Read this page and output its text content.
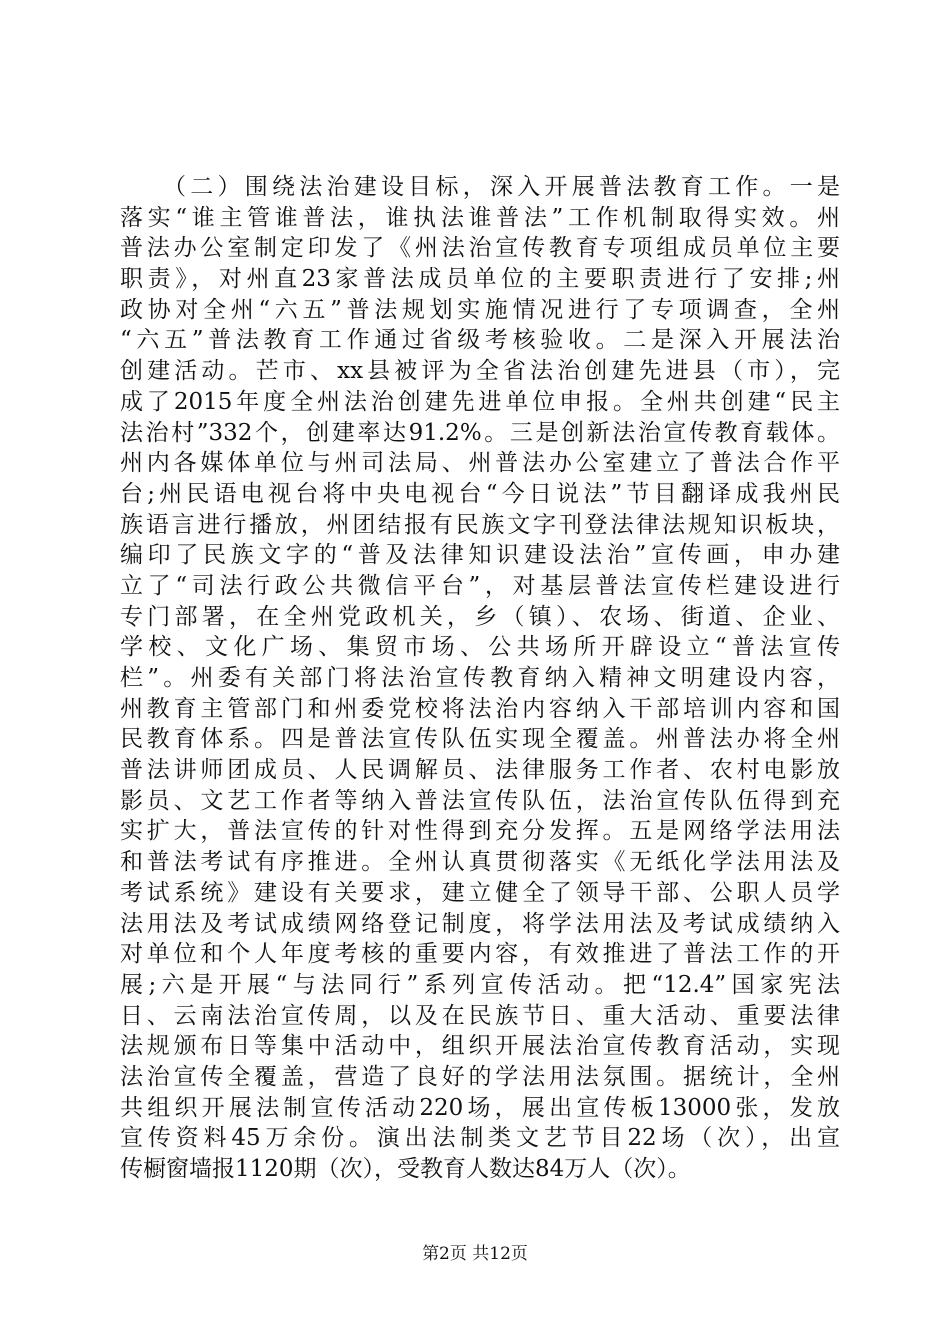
　　（二）围绕法治建设目标，深入开展普法教育工作。一是
落实“谁主管谁普法，谁执法谁普法”工作机制取得实效。州
普法办公室制定印发了《州法治宣传教育专项组成员单位主要
职责》，对州直23家普法成员单位的主要职责进行了安排;州
政协对全州“六五”普法规划实施情况进行了专项调查，全州
“六五”普法教育工作通过省级考核验收。二是深入开展法治
创建活动。芒市、xx县被评为全省法治创建先进县（市），完
成了2015年度全州法治创建先进单位申报。全州共创建“民主
法治村”332个，创建率达91.2%。三是创新法治宣传教育载体。
州内各媒体单位与州司法局、州普法办公室建立了普法合作平
台;州民语电视台将中央电视台“今日说法”节目翻译成我州民
族语言进行播放，州团结报有民族文字刊登法律法规知识板块，
编印了民族文字的“普及法律知识建设法治”宣传画，申办建
立了“司法行政公共微信平台”，对基层普法宣传栏建设进行
专门部署，在全州党政机关，乡（镇）、农场、街道、企业、
学校、文化广场、集贸市场、公共场所开辟设立“普法宣传
栏”。州委有关部门将法治宣传教育纳入精神文明建设内容，
州教育主管部门和州委党校将法治内容纳入干部培训内容和国
民教育体系。四是普法宣传队伍实现全覆盖。州普法办将全州
普法讲师团成员、人民调解员、法律服务工作者、农村电影放
影员、文艺工作者等纳入普法宣传队伍，法治宣传队伍得到充
实扩大，普法宣传的针对性得到充分发挥。五是网络学法用法
和普法考试有序推进。全州认真贯彻落实《无纸化学法用法及
考试系统》建设有关要求，建立健全了领导干部、公职人员学
法用法及考试成绩网络登记制度，将学法用法及考试成绩纳入
对单位和个人年度考核的重要内容，有效推进了普法工作的开
展;六是开展“与法同行”系列宣传活动。把“12.4”国家宪法
日、云南法治宣传周，以及在民族节日、重大活动、重要法律
法规颁布日等集中活动中，组织开展法治宣传教育活动，实现
法治宣传全覆盖，营造了良好的学法用法氛围。据统计，全州
共组织开展法制宣传活动220场，展出宣传板13000张，发放
宣传资料45万余份。演出法制类文艺节目22场（次），出宣
传橱窗墙报1120期（次），受教育人数达84万人（次）。
第2页 共12页
